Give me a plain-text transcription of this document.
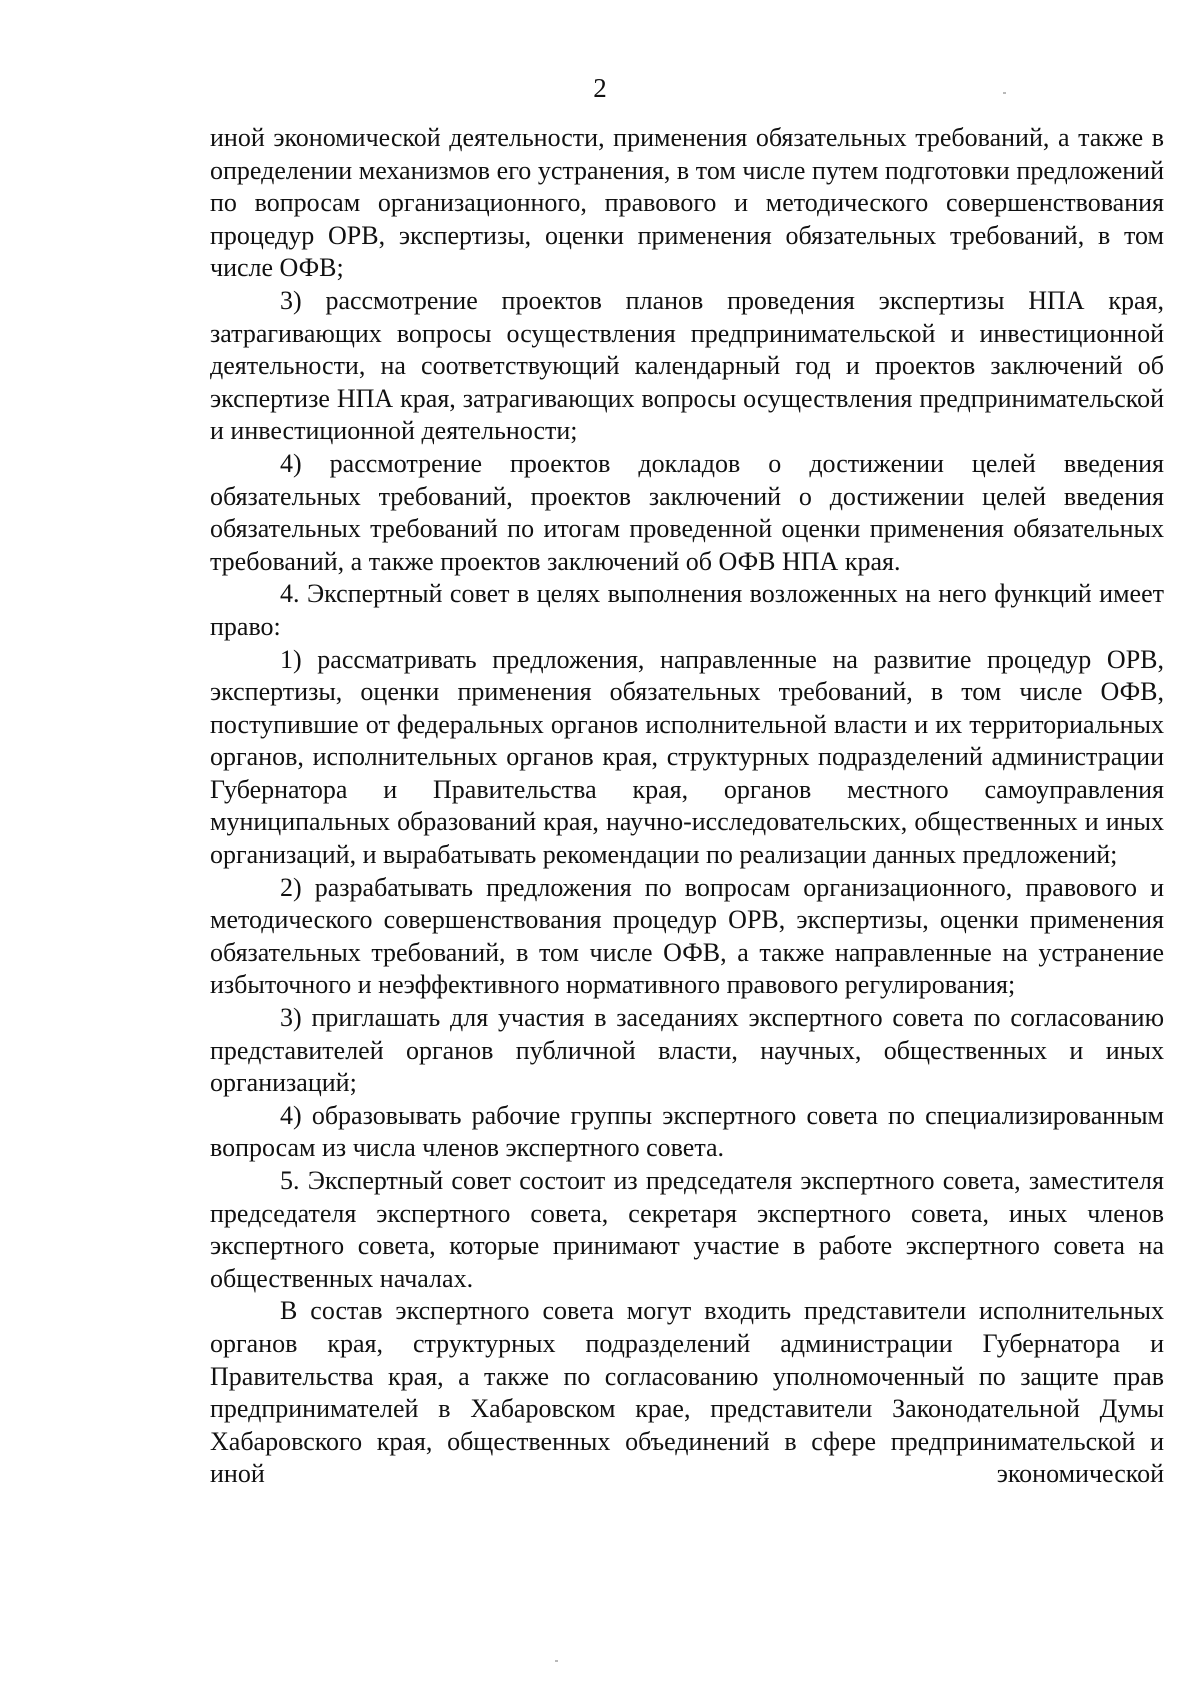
2

иной экономической деятельности, применения обязательных требований, а также в определении механизмов его устранения, в том числе путем подготовки предложений по вопросам организационного, правового и методического совершенствования процедур ОРВ, экспертизы, оценки применения обязательных требований, в том числе ОФВ;

3) рассмотрение проектов планов проведения экспертизы НПА края, затрагивающих вопросы осуществления предпринимательской и инвестиционной деятельности, на соответствующий календарный год и проектов заключений об экспертизе НПА края, затрагивающих вопросы осуществления предпринимательской и инвестиционной деятельности;

4) рассмотрение проектов докладов о достижении целей введения обязательных требований, проектов заключений о достижении целей введения обязательных требований по итогам проведенной оценки применения обязательных требований, а также проектов заключений об ОФВ НПА края.

4. Экспертный совет в целях выполнения возложенных на него функций имеет право:

1) рассматривать предложения, направленные на развитие процедур ОРВ, экспертизы, оценки применения обязательных требований, в том числе ОФВ, поступившие от федеральных органов исполнительной власти и их территориальных органов, исполнительных органов края, структурных подразделений администрации Губернатора и Правительства края, органов местного самоуправления муниципальных образований края, научно-исследовательских, общественных и иных организаций, и вырабатывать рекомендации по реализации данных предложений;

2) разрабатывать предложения по вопросам организационного, правового и методического совершенствования процедур ОРВ, экспертизы, оценки применения обязательных требований, в том числе ОФВ, а также направленные на устранение избыточного и неэффективного нормативного правового регулирования;

3) приглашать для участия в заседаниях экспертного совета по согласованию представителей органов публичной власти, научных, общественных и иных организаций;

4) образовывать рабочие группы экспертного совета по специализированным вопросам из числа членов экспертного совета.

5. Экспертный совет состоит из председателя экспертного совета, заместителя председателя экспертного совета, секретаря экспертного совета, иных членов экспертного совета, которые принимают участие в работе экспертного совета на общественных началах.

В состав экспертного совета могут входить представители исполнительных органов края, структурных подразделений администрации Губернатора и Правительства края, а также по согласованию уполномоченный по защите прав предпринимателей в Хабаровском крае, представители Законодательной Думы Хабаровского края, общественных объединений в сфере предпринимательской и иной экономической
